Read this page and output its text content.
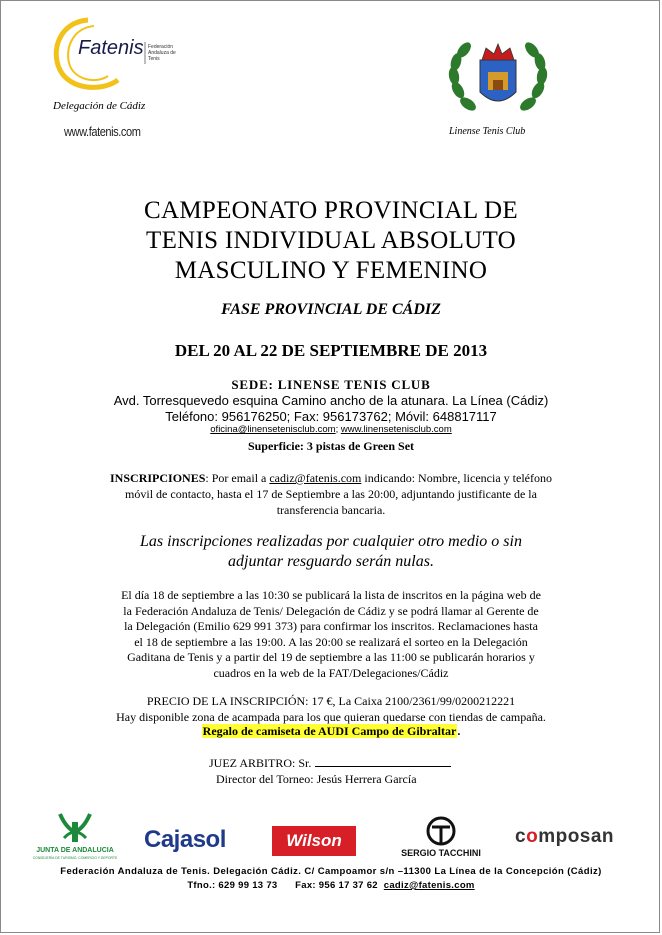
Fatenis Federación
Andaluza de
Tenis
Delegación de Cádiz
www.fatenis.com	Linense Tenis Club
CAMPEONATO PROVINCIAL DE
TENIS INDIVIDUAL ABSOLUTO
MASCULINO Y FEMENINO
FASE PROVINCIAL DE CÁDIZ
DEL 20 AL 22 DE SEPTIEMBRE DE 2013
SEDE: LINENSE TENIS CLUB
Avd. Torresquevedo esquina Camino ancho de la atunara. La Línea (Cádiz)
Teléfono: 956176250; Fax: 956173762; Móvil: 648817117
oficina@linensetenisclub.com; www.linensetenisclub.com
Superficie: 3 pistas de Green Set
INSCRIPCIONES: Por email a cadiz@fatenis.com indicando: Nombre, licencia y teléfono móvil de contacto, hasta el 17 de Septiembre a las 20:00, adjuntando justificante de la transferencia bancaria.
Las inscripciones realizadas por cualquier otro medio o sin
adjuntar resguardo serán nulas.
El día 18 de septiembre a las 10:30 se publicará la lista de inscritos en la página web de
la Federación Andaluza de Tenis/ Delegación de Cádiz y se podrá llamar al Gerente de
la Delegación (Emilio 629 991 373) para confirmar los inscritos. Reclamaciones hasta
el 18 de septiembre a las 19:00. A las 20:00 se realizará el sorteo en la Delegación
Gaditana de Tenis y a partir del 19 de septiembre a las 11:00 se publicarán horarios y
cuadros en la web de la FAT/Delegaciones/Cádiz
PRECIO DE LA INSCRIPCIÓN: 17 €, La Caixa 2100/2361/99/0200212221
Hay disponible zona de acampada para los que quieran quedarse con tiendas de campaña.
Regalo de camiseta de AUDI Campo de Gibraltar.
JUEZ ARBITRO: Sr.
Director del Torneo: Jesús Herrera García
JUNTA DE ANDALUCIA
CONSEJERÍA DE TURISMO, COMERCIO Y DEPORTE
Cajasol	Wilson
SERGIO TACCHINI
composan
Federación Andaluza de Tenis. Delegación Cádiz. C/ Campoamor s/n –11300 La Línea de la Concepción (Cádiz)
Tfno.: 629 99 13 73      Fax: 956 17 37 62  cadiz@fatenis.com
